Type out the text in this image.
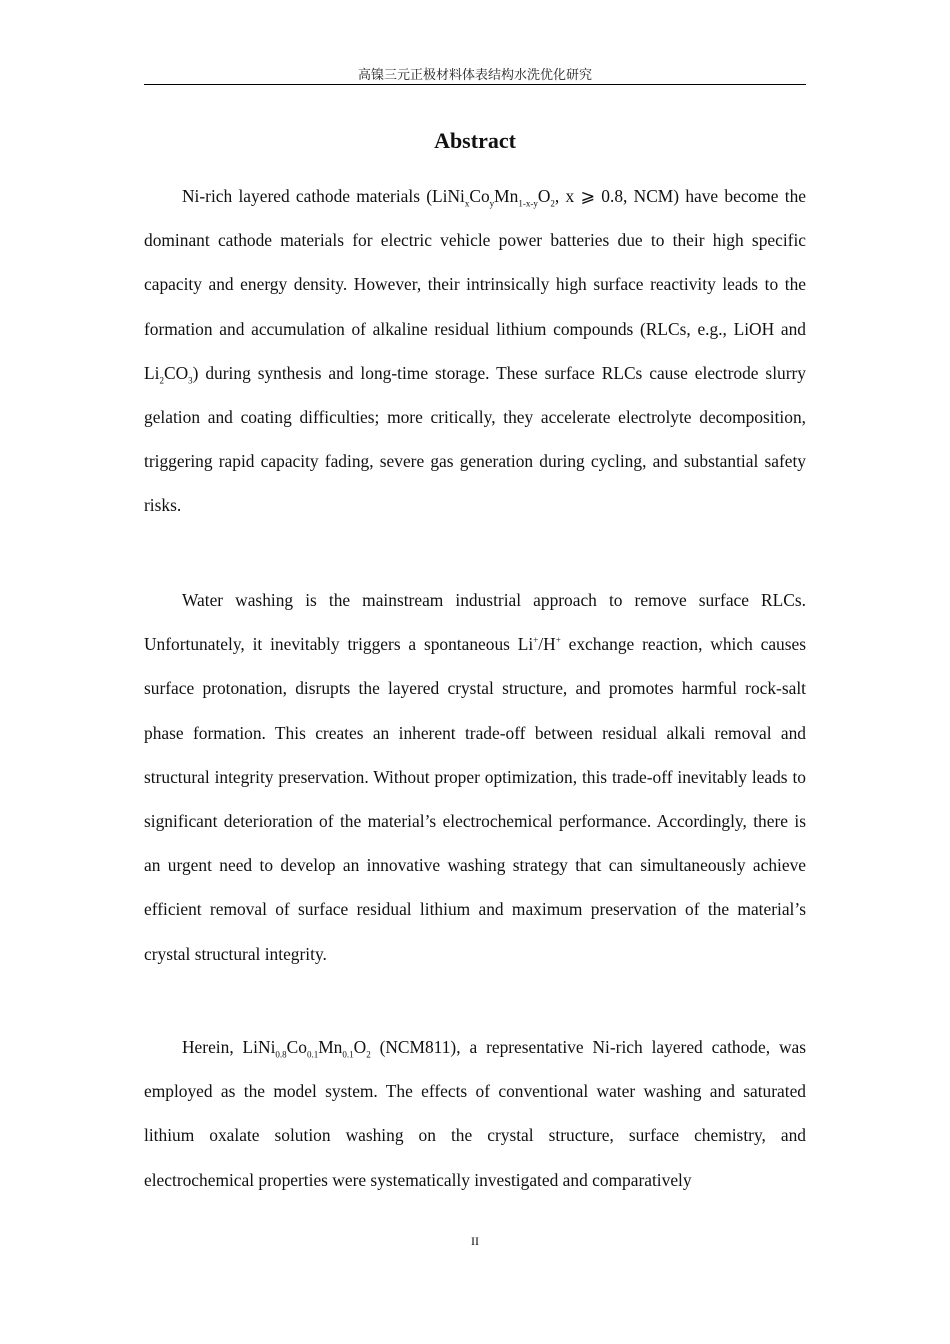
高镍三元正极材料体表结构水洗优化研究
Abstract

Ni-rich layered cathode materials ($LiNi_xCo_yMn_{1-x-y}O_2$, x ⩾ 0.8, NCM) have become the dominant cathode materials for electric vehicle power batteries due to their high specific capacity and energy density. However, their intrinsically high surface reactivity leads to the formation and accumulation of alkaline residual lithium compounds (RLCs, e.g., LiOH and $Li_2CO_3$) during synthesis and long-time storage. These surface RLCs cause electrode slurry gelation and coating difficulties; more critically, they accelerate electrolyte decomposition, triggering rapid capacity fading, severe gas generation during cycling, and substantial safety risks.

Water washing is the mainstream industrial approach to remove surface RLCs. Unfortunately, it inevitably triggers a spontaneous Li+/H+ exchange reaction, which causes surface protonation, disrupts the layered crystal structure, and promotes harmful rock-salt phase formation. This creates an inherent trade-off between residual alkali removal and structural integrity preservation. Without proper optimization, this trade-off inevitably leads to significant deterioration of the material’s electrochemical performance. Accordingly, there is an urgent need to develop an innovative washing strategy that can simultaneously achieve efficient removal of surface residual lithium and maximum preservation of the material’s crystal structural integrity.

Herein, $LiNi_{0.8}Co_{0.1}Mn_{0.1}O_2$ (NCM811), a representative Ni-rich layered cathode, was employed as the model system. The effects of conventional water washing and saturated lithium oxalate solution washing on the crystal structure, surface chemistry, and electrochemical properties were systematically investigated and comparatively

II
